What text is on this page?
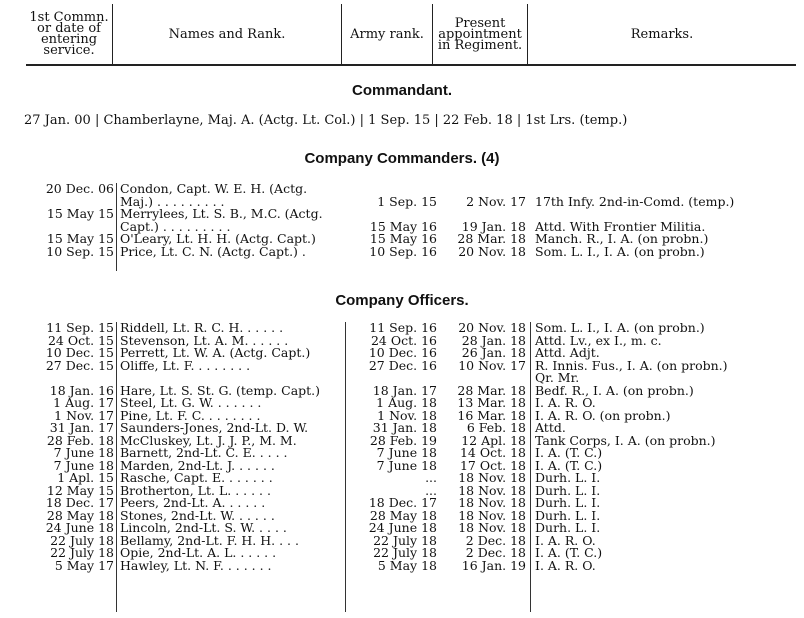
1st Commn. or date of entering service.	Names and Rank.	Army rank.	Present appointment in Regiment.	Remarks.
Commandant.
27 Jan. 00 | Chamberlayne, Maj. A. (Actg. Lt. Col.) | 1 Sep. 15 | 22 Feb. 18 | 1st Lrs. (temp.)
Company Commanders. (4)
20 Dec. 06 Condon, Capt. W. E. H. (Actg.
Maj.) . . . . . . . . .	1 Sep. 15	2 Nov. 17 17th Infy. 2nd-in-Comd. (temp.)
15 May 15 Merrylees, Lt. S. B., M.C. (Actg.
Capt.) . . . . . . . . .	15 May 16	19 Jan. 18 Attd. With Frontier Militia.
15 May 15 O'Leary, Lt. H. H. (Actg. Capt.)	15 May 16	28 Mar. 18 Manch. R., I. A. (on probn.)
10 Sep. 15 Price, Lt. C. N. (Actg. Capt.) .	10 Sep. 16	20 Nov. 18 Som. L. I., I. A. (on probn.)
Company Officers.
11 Sep. 15 Riddell, Lt. R. C. H. . . . . .	11 Sep. 16	20 Nov. 18 Som. L. I., I. A. (on probn.)
24 Oct. 15 Stevenson, Lt. A. M. . . . . .	24 Oct. 16	28 Jan. 18 Attd. Lv., ex I., m. c.
10 Dec. 15 Perrett, Lt. W. A. (Actg. Capt.)	10 Dec. 16	26 Jan. 18 Attd. Adjt.
27 Dec. 15 Oliffe, Lt. F. . . . . . . .	27 Dec. 16	10 Nov. 17 R. Innis. Fus., I. A. (on probn.)
Qr. Mr.
18 Jan. 16 Hare, Lt. S. St. G. (temp. Capt.)	18 Jan. 17	28 Mar. 18 Bedf. R., I. A. (on probn.)
1 Aug. 17 Steel, Lt. G. W. . . . . . .	1 Aug. 18	13 Mar. 18 I. A. R. O.
1 Nov. 17 Pine, Lt. F. C. . . . . . . .	1 Nov. 18	16 Mar. 18 I. A. R. O. (on probn.)
31 Jan. 17 Saunders-Jones, 2nd-Lt. D. W.	31 Jan. 18	6 Feb. 18 Attd.
28 Feb. 18 McCluskey, Lt. J. J. P., M. M.	28 Feb. 19	12 Apl. 18 Tank Corps, I. A. (on probn.)
7 June 18 Barnett, 2nd-Lt. C. E. . . . .	7 June 18	14 Oct. 18 I. A. (T. C.)
7 June 18 Marden, 2nd-Lt. J. . . . . .	7 June 18	17 Oct. 18 I. A. (T. C.)
1 Apl. 15 Rasche, Capt. E. . . . . . .	...	18 Nov. 18 Durh. L. I.
12 May 15 Brotherton, Lt. L. . . . . .	...	18 Nov. 18 Durh. L. I.
18 Dec. 17 Peers, 2nd-Lt. A. . . . . .	18 Dec. 17	18 Nov. 18 Durh. L. I.
28 May 18 Stones, 2nd-Lt. W. . . . . .	28 May 18	18 Nov. 18 Durh. L. I.
24 June 18 Lincoln, 2nd-Lt. S. W. . . . .	24 June 18	18 Nov. 18 Durh. L. I.
22 July 18 Bellamy, 2nd-Lt. F. H. H. . . .	22 July 18	2 Dec. 18 I. A. R. O.
22 July 18 Opie, 2nd-Lt. A. L. . . . . .	22 July 18	2 Dec. 18 I. A. (T. C.)
5 May 17 Hawley, Lt. N. F. . . . . . .	5 May 18	16 Jan. 19 I. A. R. O.
